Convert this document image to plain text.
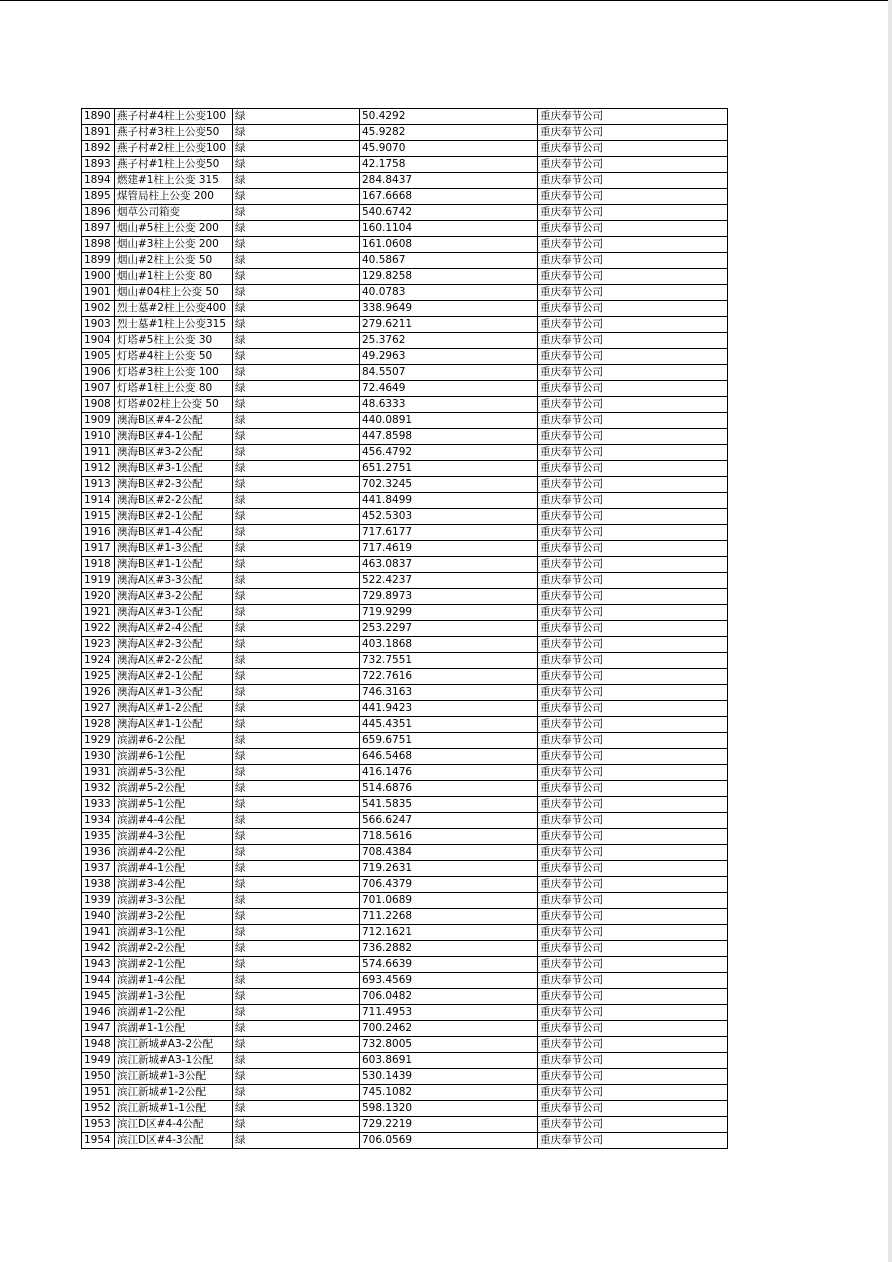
1890	燕子村#4柱上公变100	绿	50.4292	重庆奉节公司
1891	燕子村#3柱上公变50	绿	45.9282	重庆奉节公司
1892	燕子村#2柱上公变100	绿	45.9070	重庆奉节公司
1893	燕子村#1柱上公变50	绿	42.1758	重庆奉节公司
1894	燃建#1柱上公变 315	绿	284.8437	重庆奉节公司
1895	煤管局柱上公变 200	绿	167.6668	重庆奉节公司
1896	烟草公司箱变	绿	540.6742	重庆奉节公司
1897	烟山#5柱上公变 200	绿	160.1104	重庆奉节公司
1898	烟山#3柱上公变 200	绿	161.0608	重庆奉节公司
1899	烟山#2柱上公变 50	绿	40.5867	重庆奉节公司
1900	烟山#1柱上公变 80	绿	129.8258	重庆奉节公司
1901	烟山#04柱上公变 50	绿	40.0783	重庆奉节公司
1902	烈士墓#2柱上公变400	绿	338.9649	重庆奉节公司
1903	烈士墓#1柱上公变315	绿	279.6211	重庆奉节公司
1904	灯塔#5柱上公变 30	绿	25.3762	重庆奉节公司
1905	灯塔#4柱上公变 50	绿	49.2963	重庆奉节公司
1906	灯塔#3柱上公变 100	绿	84.5507	重庆奉节公司
1907	灯塔#1柱上公变 80	绿	72.4649	重庆奉节公司
1908	灯塔#02柱上公变 50	绿	48.6333	重庆奉节公司
1909	澳海B区#4-2公配	绿	440.0891	重庆奉节公司
1910	澳海B区#4-1公配	绿	447.8598	重庆奉节公司
1911	澳海B区#3-2公配	绿	456.4792	重庆奉节公司
1912	澳海B区#3-1公配	绿	651.2751	重庆奉节公司
1913	澳海B区#2-3公配	绿	702.3245	重庆奉节公司
1914	澳海B区#2-2公配	绿	441.8499	重庆奉节公司
1915	澳海B区#2-1公配	绿	452.5303	重庆奉节公司
1916	澳海B区#1-4公配	绿	717.6177	重庆奉节公司
1917	澳海B区#1-3公配	绿	717.4619	重庆奉节公司
1918	澳海B区#1-1公配	绿	463.0837	重庆奉节公司
1919	澳海A区#3-3公配	绿	522.4237	重庆奉节公司
1920	澳海A区#3-2公配	绿	729.8973	重庆奉节公司
1921	澳海A区#3-1公配	绿	719.9299	重庆奉节公司
1922	澳海A区#2-4公配	绿	253.2297	重庆奉节公司
1923	澳海A区#2-3公配	绿	403.1868	重庆奉节公司
1924	澳海A区#2-2公配	绿	732.7551	重庆奉节公司
1925	澳海A区#2-1公配	绿	722.7616	重庆奉节公司
1926	澳海A区#1-3公配	绿	746.3163	重庆奉节公司
1927	澳海A区#1-2公配	绿	441.9423	重庆奉节公司
1928	澳海A区#1-1公配	绿	445.4351	重庆奉节公司
1929	滨湖#6-2公配	绿	659.6751	重庆奉节公司
1930	滨湖#6-1公配	绿	646.5468	重庆奉节公司
1931	滨湖#5-3公配	绿	416.1476	重庆奉节公司
1932	滨湖#5-2公配	绿	514.6876	重庆奉节公司
1933	滨湖#5-1公配	绿	541.5835	重庆奉节公司
1934	滨湖#4-4公配	绿	566.6247	重庆奉节公司
1935	滨湖#4-3公配	绿	718.5616	重庆奉节公司
1936	滨湖#4-2公配	绿	708.4384	重庆奉节公司
1937	滨湖#4-1公配	绿	719.2631	重庆奉节公司
1938	滨湖#3-4公配	绿	706.4379	重庆奉节公司
1939	滨湖#3-3公配	绿	701.0689	重庆奉节公司
1940	滨湖#3-2公配	绿	711.2268	重庆奉节公司
1941	滨湖#3-1公配	绿	712.1621	重庆奉节公司
1942	滨湖#2-2公配	绿	736.2882	重庆奉节公司
1943	滨湖#2-1公配	绿	574.6639	重庆奉节公司
1944	滨湖#1-4公配	绿	693.4569	重庆奉节公司
1945	滨湖#1-3公配	绿	706.0482	重庆奉节公司
1946	滨湖#1-2公配	绿	711.4953	重庆奉节公司
1947	滨湖#1-1公配	绿	700.2462	重庆奉节公司
1948	滨江新城#A3-2公配	绿	732.8005	重庆奉节公司
1949	滨江新城#A3-1公配	绿	603.8691	重庆奉节公司
1950	滨江新城#1-3公配	绿	530.1439	重庆奉节公司
1951	滨江新城#1-2公配	绿	745.1082	重庆奉节公司
1952	滨江新城#1-1公配	绿	598.1320	重庆奉节公司
1953	滨江D区#4-4公配	绿	729.2219	重庆奉节公司
1954	滨江D区#4-3公配	绿	706.0569	重庆奉节公司
